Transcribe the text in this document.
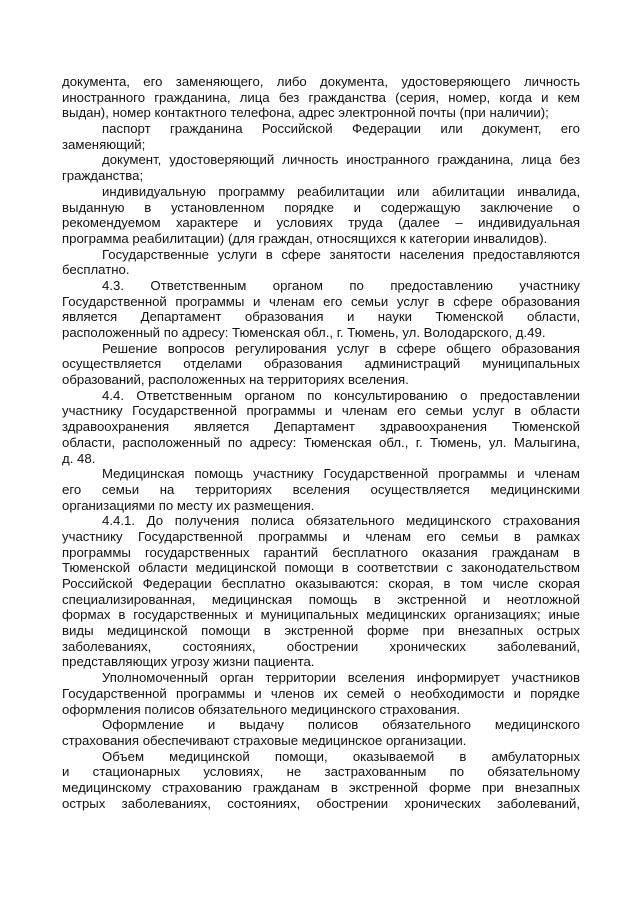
документа, его заменяющего, либо документа, удостоверяющего личность
иностранного гражданина, лица без гражданства (серия, номер, когда и кем
выдан), номер контактного телефона, адрес электронной почты (при наличии);
паспорт гражданина Российской Федерации или документ, его
заменяющий;
документ, удостоверяющий личность иностранного гражданина, лица без
гражданства;
индивидуальную программу реабилитации или абилитации инвалида,
выданную в установленном порядке и содержащую заключение о
рекомендуемом характере и условиях труда (далее – индивидуальная
программа реабилитации) (для граждан, относящихся к категории инвалидов).
Государственные услуги в сфере занятости населения предоставляются
бесплатно.
4.3. Ответственным органом по предоставлению участнику
Государственной программы и членам его семьи услуг в сфере образования
является Департамент образования и науки Тюменской области,
расположенный по адресу: Тюменская обл., г. Тюмень, ул. Володарского, д.49.
Решение вопросов регулирования услуг в сфере общего образования
осуществляется отделами образования администраций муниципальных
образований, расположенных на территориях вселения.
4.4. Ответственным органом по консультированию о предоставлении
участнику Государственной программы и членам его семьи услуг в области
здравоохранения является Департамент здравоохранения Тюменской
области, расположенный по адресу: Тюменская обл., г. Тюмень, ул. Малыгина,
д. 48.
Медицинская помощь участнику Государственной программы и членам
его семьи на территориях вселения осуществляется медицинскими
организациями по месту их размещения.
4.4.1. До получения полиса обязательного медицинского страхования
участнику Государственной программы и членам его семьи в рамках
программы государственных гарантий бесплатного оказания гражданам в
Тюменской области медицинской помощи в соответствии с законодательством
Российской Федерации бесплатно оказываются: скорая, в том числе скорая
специализированная, медицинская помощь в экстренной и неотложной
формах в государственных и муниципальных медицинских организациях; иные
виды медицинской помощи в экстренной форме при внезапных острых
заболеваниях, состояниях, обострении хронических заболеваний,
представляющих угрозу жизни пациента.
Уполномоченный орган территории вселения информирует участников
Государственной программы и членов их семей о необходимости и порядке
оформления полисов обязательного медицинского страхования.
Оформление и выдачу полисов обязательного медицинского
страхования обеспечивают страховые медицинское организации.
Объем медицинской помощи, оказываемой в амбулаторных
и стационарных условиях, не застрахованным по обязательному
медицинскому страхованию гражданам в экстренной форме при внезапных
острых заболеваниях, состояниях, обострении хронических заболеваний,
